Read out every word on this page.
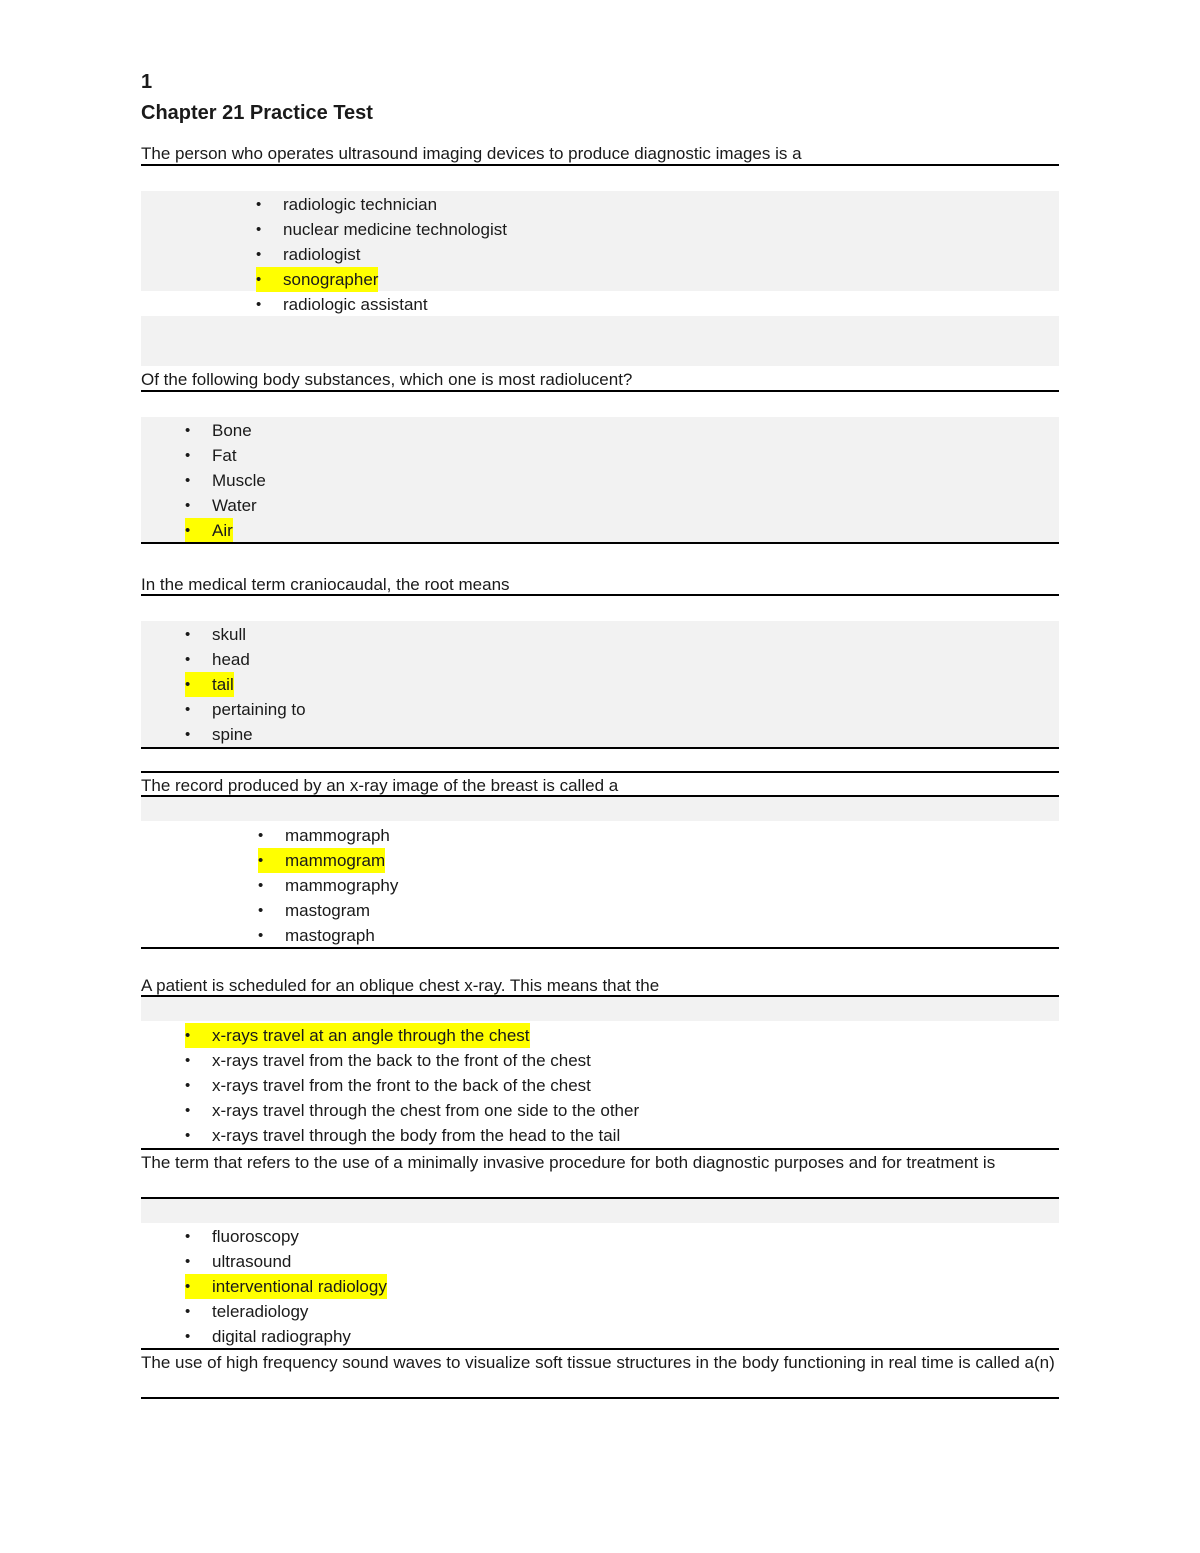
1
Chapter 21 Practice Test
The person who operates ultrasound imaging devices to produce diagnostic images is a
•	radiologic technician
•	nuclear medicine technologist
•	radiologist
•	sonographer
•	radiologic assistant
Of the following body substances, which one is most radiolucent?
•	Bone
•	Fat
•	Muscle
•	Water
•	Air
In the medical term craniocaudal, the root means
•	skull
•	head
•	tail
•	pertaining to
•	spine
The record produced by an x-ray image of the breast is called a
•	mammograph
•	mammogram
•	mammography
•	mastogram
•	mastograph
A patient is scheduled for an oblique chest x-ray. This means that the
•	x-rays travel at an angle through the chest
•	x-rays travel from the back to the front of the chest
•	x-rays travel from the front to the back of the chest
•	x-rays travel through the chest from one side to the other
•	x-rays travel through the body from the head to the tail
The term that refers to the use of a minimally invasive procedure for both diagnostic purposes and for treatment is
•	fluoroscopy
•	ultrasound
•	interventional radiology
•	teleradiology
•	digital radiography
The use of high frequency sound waves to visualize soft tissue structures in the body functioning in real time is called a(n)
